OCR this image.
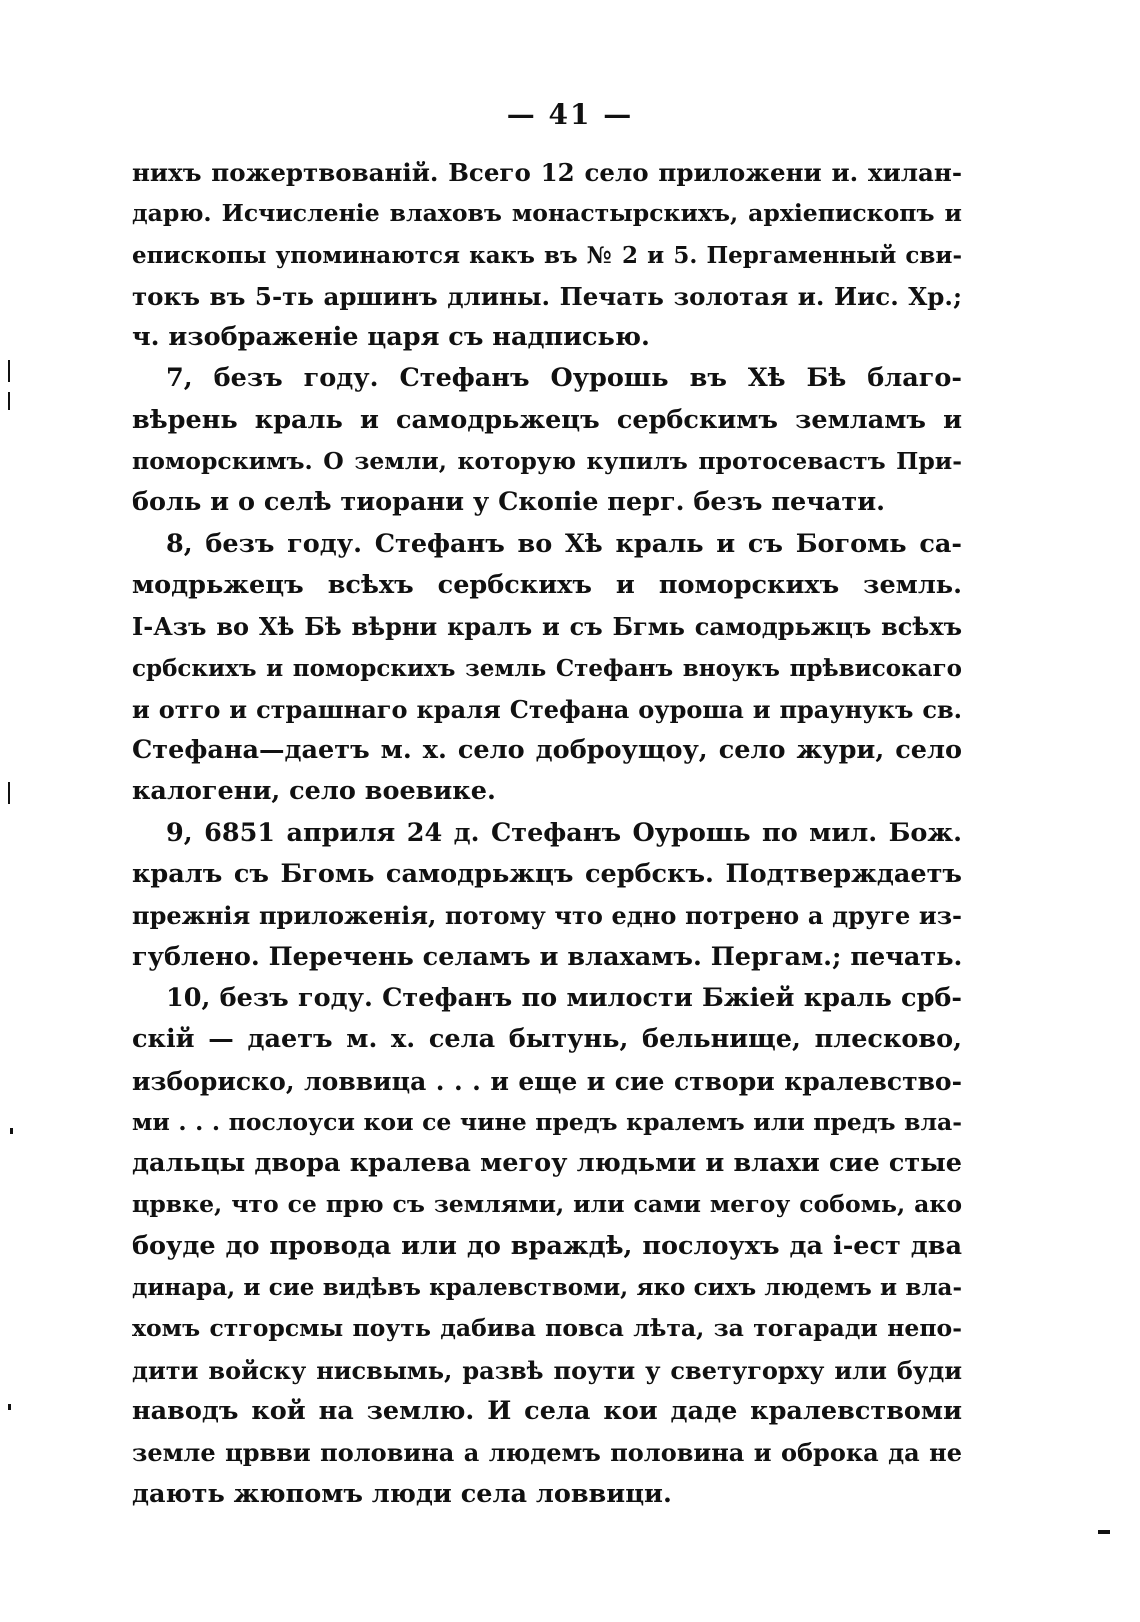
— 41 —
нихъ пожертвованій. Всего 12 село приложени и. хилан-
дарю. Исчисленіе влаховъ монастырскихъ, архіепископъ и
епископы упоминаются какъ въ № 2 и 5. Пергаменный сви-
токъ въ 5-ть аршинъ длины. Печать золотая и. Иис. Хр.;
ч. изображеніе царя съ надписью.
7, безъ году. Стефанъ Оурошь въ Хѣ Бѣ благо-
вѣрень краль и самодрьжецъ сербскимъ земламъ и
поморскимъ. О земли, которую купилъ протосевастъ При-
боль и о селѣ тиорани у Скопіе перг. безъ печати.
8, безъ году. Стефанъ во Хѣ краль и съ Богомь са-
модрьжецъ всѣхъ сербскихъ и поморскихъ земль.
І-Азъ во Хѣ Бѣ вѣрни кралъ и съ Бгмь самодрьжцъ всѣхъ
србскихъ и поморскихъ земль Стефанъ вноукъ прѣвисокаго
и отго и страшнаго краля Стефана оуроша и праунукъ св.
Стефана—даетъ м. х. село доброущоу, село жури, село
калогени, село воевике.
9, 6851 априля 24 д. Стефанъ Оурошь по мил. Бож.
кралъ съ Бгомь самодрьжцъ сербскъ. Подтверждаетъ
прежнія приложенія, потому что едно потрено а друге из-
гублено. Перечень селамъ и влахамъ. Пергам.; печать.
10, безъ году. Стефанъ по милости Бжіей краль срб-
скій — даетъ м. х. села бытунь, бельнище, плесково,
избориско, ловвица . . . и еще и сие створи кралевство-
ми . . . послоуси кои се чине предъ кралемъ или предъ вла-
дальцы двора кралева мегоу людьми и влахи сие стые
црвке, что се прю съ землями, или сами мегоу собомь, ако
боуде до провода или до враждѣ, послоухъ да і-ест два
динара, и сие видѣвъ кралевствоми, яко сихъ людемъ и вла-
хомъ стгорсмы поуть дабива повса лѣта, за тогаради непо-
дити войску нисвымь, развѣ поути у светугорху или буди
наводъ кой на землю. И села кои даде кралевствоми
земле црвви половина а людемъ половина и оброка да не
дають жюпомъ люди села ловвици.
